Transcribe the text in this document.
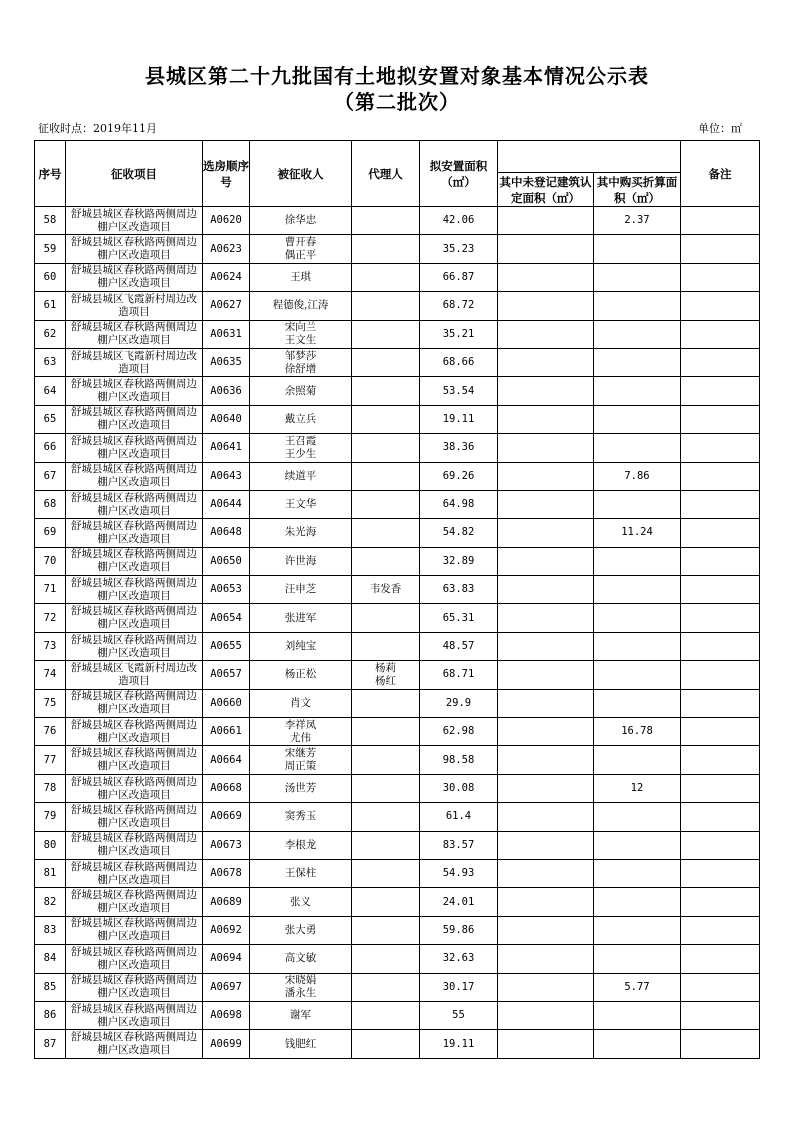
县城区第二十九批国有土地拟安置对象基本情况公示表
（第二批次）
征收时点：2019年11月	单位：㎡
序号	征收项目	选房顺序号	被征收人	代理人	拟安置面积（㎡）			备注
						其中未登记建筑认定面积（㎡）	其中购买折算面积（㎡）	
58	舒城县城区春秋路两侧周边棚户区改造项目	A0620	徐华忠		42.06		2.37	
59	舒城县城区春秋路两侧周边棚户区改造项目	A0623	曹开春
偶正平		35.23			
60	舒城县城区春秋路两侧周边棚户区改造项目	A0624	王琪		66.87			
61	舒城县城区飞霞新村周边改造项目	A0627	程德俊,江涛		68.72			
62	舒城县城区春秋路两侧周边棚户区改造项目	A0631	宋向兰
王文生		35.21			
63	舒城县城区飞霞新村周边改造项目	A0635	邹梦莎
徐舒增		68.66			
64	舒城县城区春秋路两侧周边棚户区改造项目	A0636	余照菊		53.54			
65	舒城县城区春秋路两侧周边棚户区改造项目	A0640	戴立兵		19.11			
66	舒城县城区春秋路两侧周边棚户区改造项目	A0641	王召霞
王少生		38.36			
67	舒城县城区春秋路两侧周边棚户区改造项目	A0643	续道平		69.26		7.86	
68	舒城县城区春秋路两侧周边棚户区改造项目	A0644	王文华		64.98			
69	舒城县城区春秋路两侧周边棚户区改造项目	A0648	朱光海		54.82		11.24	
70	舒城县城区春秋路两侧周边棚户区改造项目	A0650	许世海		32.89			
71	舒城县城区春秋路两侧周边棚户区改造项目	A0653	汪申芝	韦发香	63.83			
72	舒城县城区春秋路两侧周边棚户区改造项目	A0654	张进军		65.31			
73	舒城县城区春秋路两侧周边棚户区改造项目	A0655	刘纯宝		48.57			
74	舒城县城区飞霞新村周边改造项目	A0657	杨正松	杨莉
杨红	68.71			
75	舒城县城区春秋路两侧周边棚户区改造项目	A0660	肖文		29.9			
76	舒城县城区春秋路两侧周边棚户区改造项目	A0661	李祥凤
尤伟		62.98		16.78	
77	舒城县城区春秋路两侧周边棚户区改造项目	A0664	宋继芳
周正策		98.58			
78	舒城县城区春秋路两侧周边棚户区改造项目	A0668	汤世芳		30.08		12	
79	舒城县城区春秋路两侧周边棚户区改造项目	A0669	窦秀玉		61.4			
80	舒城县城区春秋路两侧周边棚户区改造项目	A0673	李根龙		83.57			
81	舒城县城区春秋路两侧周边棚户区改造项目	A0678	王保柱		54.93			
82	舒城县城区春秋路两侧周边棚户区改造项目	A0689	张义		24.01			
83	舒城县城区春秋路两侧周边棚户区改造项目	A0692	张大勇		59.86			
84	舒城县城区春秋路两侧周边棚户区改造项目	A0694	高文敏		32.63			
85	舒城县城区春秋路两侧周边棚户区改造项目	A0697	宋晓娟
潘永生		30.17		5.77	
86	舒城县城区春秋路两侧周边棚户区改造项目	A0698	谢军		55			
87	舒城县城区春秋路两侧周边棚户区改造项目	A0699	钱肥红		19.11			
